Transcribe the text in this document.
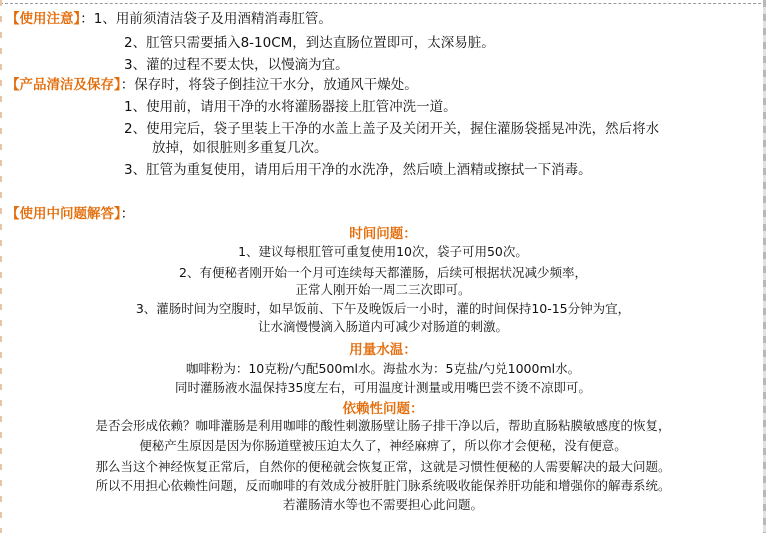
【使用注意】：1、用前须清洁袋子及用酒精消毒肛管。
2、肛管只需要插入8-10CM，到达直肠位置即可，太深易脏。
3、灌的过程不要太快，以慢滴为宜。
【产品清洁及保存】：保存时，将袋子倒挂泣干水分，放通风干燥处。
1、使用前，请用干净的水将灌肠器接上肛管冲洗一道。
2、使用完后，袋子里装上干净的水盖上盖子及关闭开关，握住灌肠袋摇晃冲洗，然后将水
放掉，如很脏则多重复几次。
3、肛管为重复使用，请用后用干净的水洗净，然后喷上酒精或擦拭一下消毒。
【使用中问题解答】：
时间问题：
1、建议每根肛管可重复使用10次，袋子可用50次。
2、有便秘者刚开始一个月可连续每天都灌肠，后续可根据状况减少频率，
正常人刚开始一周二三次即可。
3、灌肠时间为空腹时，如早饭前、下午及晚饭后一小时，灌的时间保持10-15分钟为宜，
让水滴慢慢滴入肠道内可减少对肠道的刺激。
用量水温：
咖啡粉为：10克粉/勺配500ml水。海盐水为：5克盐/勺兑1000ml水。
同时灌肠液水温保持35度左右，可用温度计测量或用嘴巴尝不烫不凉即可。
依赖性问题：
是否会形成依赖？咖啡灌肠是利用咖啡的酸性刺激肠壁让肠子排干净以后，帮助直肠粘膜敏感度的恢复，
便秘产生原因是因为你肠道壁被压迫太久了，神经麻痹了，所以你才会便秘，没有便意。
那么当这个神经恢复正常后，自然你的便秘就会恢复正常，这就是习惯性便秘的人需要解决的最大问题。
所以不用担心依赖性问题，反而咖啡的有效成分被肝脏门脉系统吸收能保养肝功能和增强你的解毒系统。
若灌肠清水等也不需要担心此问题。
